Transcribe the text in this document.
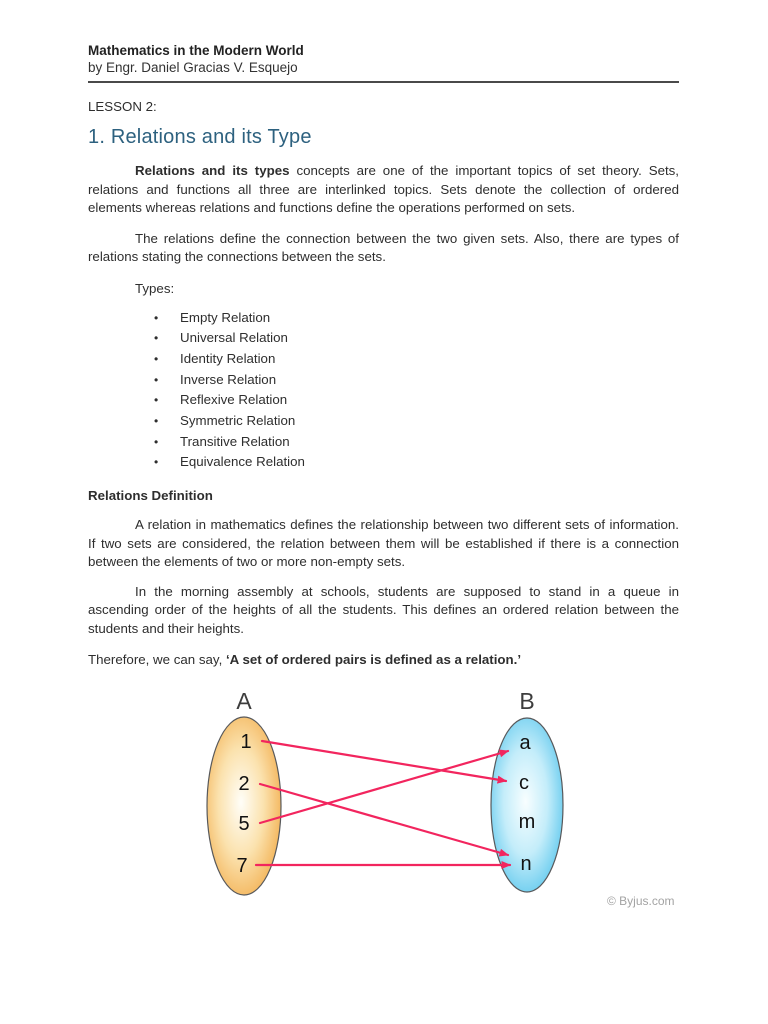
Mathematics in the Modern World
by Engr. Daniel Gracias V. Esquejo

LESSON 2:

1. Relations and its Type

Relations and its types concepts are one of the important topics of set theory. Sets, relations and functions all three are interlinked topics. Sets denote the collection of ordered elements whereas relations and functions define the operations performed on sets.

The relations define the connection between the two given sets. Also, there are types of relations stating the connections between the sets.

Types:

• Empty Relation
• Universal Relation
• Identity Relation
• Inverse Relation
• Reflexive Relation
• Symmetric Relation
• Transitive Relation
• Equivalence Relation

Relations Definition

A relation in mathematics defines the relationship between two different sets of information. If two sets are considered, the relation between them will be established if there is a connection between the elements of two or more non-empty sets.

In the morning assembly at schools, students are supposed to stand in a queue in ascending order of the heights of all the students. This defines an ordered relation between the students and their heights.

Therefore, we can say, ‘A set of ordered pairs is defined as a relation.’

A	B
1
2
5
7
a
c
m
n
© Byjus.com
